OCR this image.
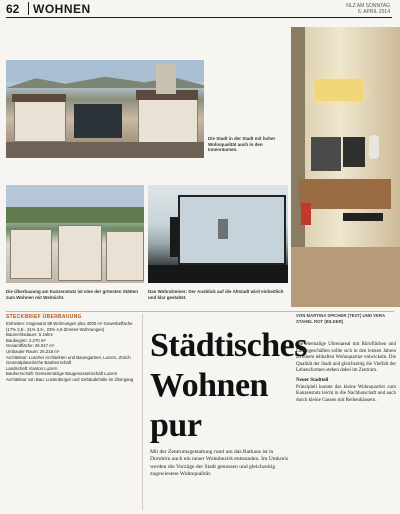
62 WOHNEN	NLZ AM SONNTAG
6. APRIL 2014
Die Stadt in der Stadt mit hoher Wohnqualität auch in den Innenräumen.
Die Überbauung am Kanzenstutz ist eine der grössten Stätten zum Wohnen mit Weitsicht.
Das Wohnzimmer: Der Ausblick auf die Altstadt wird einheitlich und klar gestaltet.
STECKBRIEF ÜBERBAUUNG
Einheiten: Insgesamt 88 Wohnungen plus 4000 m² Gewerbefläche (17% 2,5-, 31% 3,5-, 23% 4,5-Zimmer-Wohnungen)
Baurechtsdauer: 6 Jahre
Baubeginn: 2.270 m²
Gesamtfläche: 26.017 m²
Umbauter Raum: 26.218 m³
Architektur: Lüscher Architekten und Baumgartner, Luzern, Zürich
Generalplanerische Bauherrschaft
Landschaft: Kanton Luzern
Bauherrschaft: Gemeinnützige Baugenossenschaft Luzern
Architektur von Bau: Lustenberger und Gebäudehülle im Übergang
Städtisches
Wohnen
pur
Mit der Zentrumsgestaltung rund um das Rathaus ist in Dornbirn auch ein neuer Wohnbezirk entstanden. Im Umkreis werden die Vorzüge der Stadt genossen und gleichzeitig zugewiesene Wohnqualität.
VON MARTINA SPICHER (TEXT) UND VERA STAHEL ROT (BILDER)
Die ehemalige Uhrenareal mit Büroflächen und Ladengeschäften sollte sich in den letzten Jahren zu einem lebhaften Wohnquartier entwickeln. Die Qualität der Stadt und gleichzeitig die Vielfalt der Lebensformen stehen dabei im Zentrum.
Neuer Stadtteil
Prinzipiell konnte das kleine Wohnquartier zum Kanzenstutz leicht in die Nachbarschaft und auch durch kleine Gassen mit Reihenhäusern.
